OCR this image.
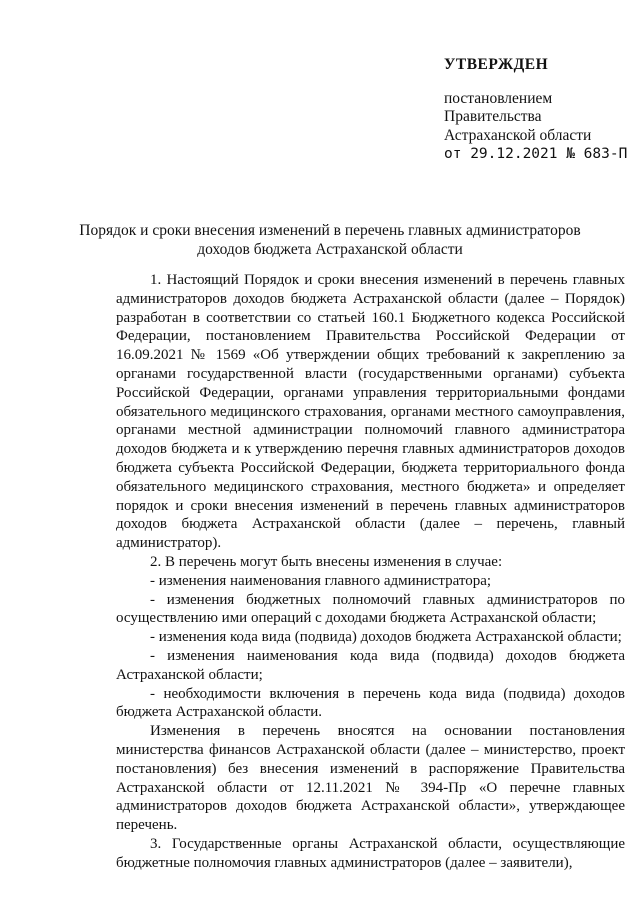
УТВЕРЖДЕН
постановлением
Правительства
Астраханской области
от 29.12.2021 № 683-П
Порядок и сроки внесения изменений в перечень главных администраторов
доходов бюджета Астраханской области

1. Настоящий Порядок и сроки внесения изменений в перечень главных администраторов доходов бюджета Астраханской области (далее – Порядок) разработан в соответствии со статьей 160.1 Бюджетного кодекса Российской Федерации, постановлением Правительства Российской Федерации от 16.09.2021 № 1569 «Об утверждении общих требований к закреплению за органами государственной власти (государственными органами) субъекта Российской Федерации, органами управления территориальными фондами обязательного медицинского страхования, органами местного самоуправления, органами местной администрации полномочий главного администратора доходов бюджета и к утверждению перечня главных администраторов доходов бюджета субъекта Российской Федерации, бюджета территориального фонда обязательного медицинского страхования, местного бюджета» и определяет порядок и сроки внесения изменений в перечень главных администраторов доходов бюджета Астраханской области (далее – перечень, главный администратор).

2. В перечень могут быть внесены изменения в случае:

- изменения наименования главного администратора;

- изменения бюджетных полномочий главных администраторов по осуществлению ими операций с доходами бюджета Астраханской области;

- изменения кода вида (подвида) доходов бюджета Астраханской области;

- изменения наименования кода вида (подвида) доходов бюджета Астраханской области;

- необходимости включения в перечень кода вида (подвида) доходов бюджета Астраханской области.

Изменения в перечень вносятся на основании постановления министерства финансов Астраханской области (далее – министерство, проект постановления) без внесения изменений в распоряжение Правительства Астраханской области от 12.11.2021 № 394-Пр «О перечне главных администраторов доходов бюджета Астраханской области», утверждающее перечень.

3. Государственные органы Астраханской области, осуществляющие бюджетные полномочия главных администраторов (далее – заявители),
